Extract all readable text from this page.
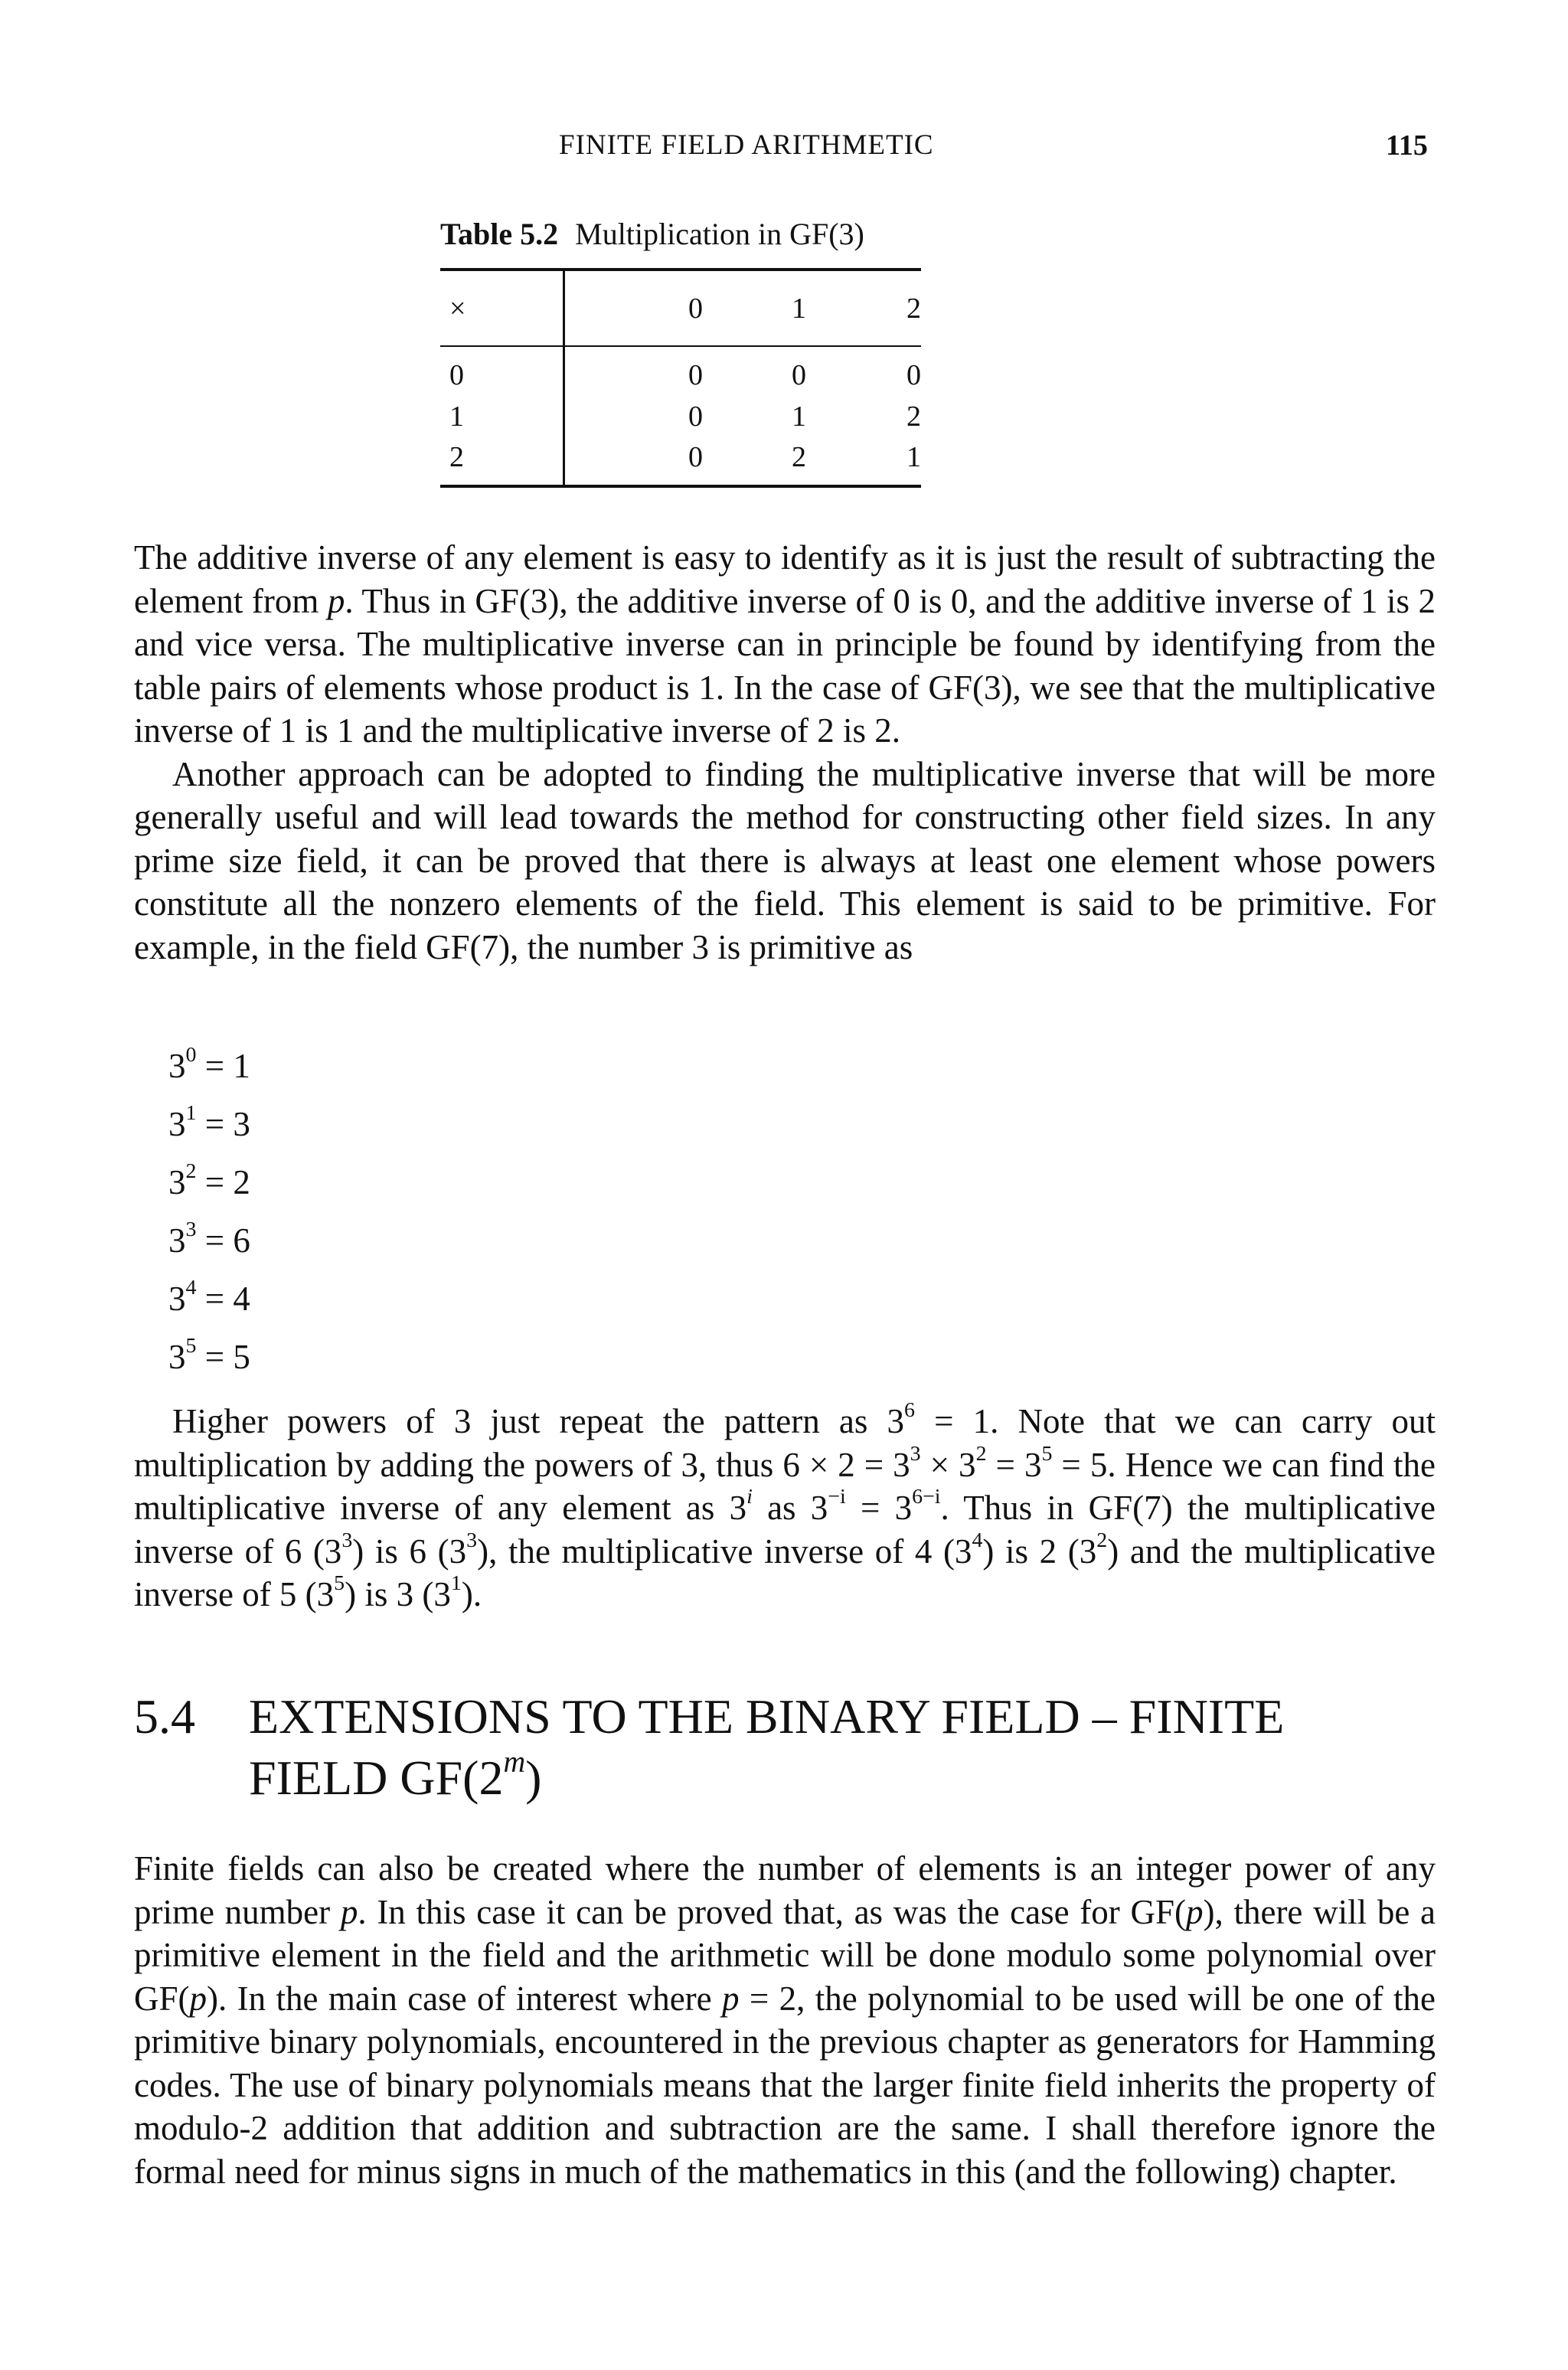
FINITE FIELD ARITHMETIC	115
Table 5.2 Multiplication in GF(3)
×	0	1	2
0	0	0	0
1	0	1	2
2	0	2	1

The additive inverse of any element is easy to identify as it is just the result of subtracting the element from p. Thus in GF(3), the additive inverse of 0 is 0, and the additive inverse of 1 is 2 and vice versa. The multiplicative inverse can in principle be found by identifying from the table pairs of elements whose product is 1. In the case of GF(3), we see that the multiplicative inverse of 1 is 1 and the multiplicative inverse of 2 is 2.

Another approach can be adopted to finding the multiplicative inverse that will be more generally useful and will lead towards the method for constructing other field sizes. In any prime size field, it can be proved that there is always at least one element whose powers constitute all the nonzero elements of the field. This element is said to be primitive. For example, in the field GF(7), the number 3 is primitive as

$3^0 = 1$
$3^1 = 3$
$3^2 = 2$
$3^3 = 6$
$3^4 = 4$
$3^5 = 5$

Higher powers of 3 just repeat the pattern as $3^6 = 1$. Note that we can carry out multiplication by adding the powers of 3, thus $6 \times 2 = 3^3 \times 3^2 = 3^5 = 5$. Hence we can find the multiplicative inverse of any element as 3$^i$ as $3^{-i} = 3^{6-i}$. Thus in GF(7) the multiplicative inverse of 6 $(3^3)$ is 6 $(3^3)$, the multiplicative inverse of 4 $(3^4)$ is 2 $(3^2)$ and the multiplicative inverse of 5 $(3^5)$ is 3 $(3^1)$.

5.4 EXTENSIONS TO THE BINARY FIELD – FINITE
FIELD GF(2$^m$)

Finite fields can also be created where the number of elements is an integer power of any prime number p. In this case it can be proved that, as was the case for GF(p), there will be a primitive element in the field and the arithmetic will be done modulo some polynomial over GF(p). In the main case of interest where p = 2, the polynomial to be used will be one of the primitive binary polynomials, encountered in the previous chapter as generators for Hamming codes. The use of binary polynomials means that the larger finite field inherits the property of modulo-2 addition that addition and subtraction are the same. I shall therefore ignore the formal need for minus signs in much of the mathematics in this (and the following) chapter.
